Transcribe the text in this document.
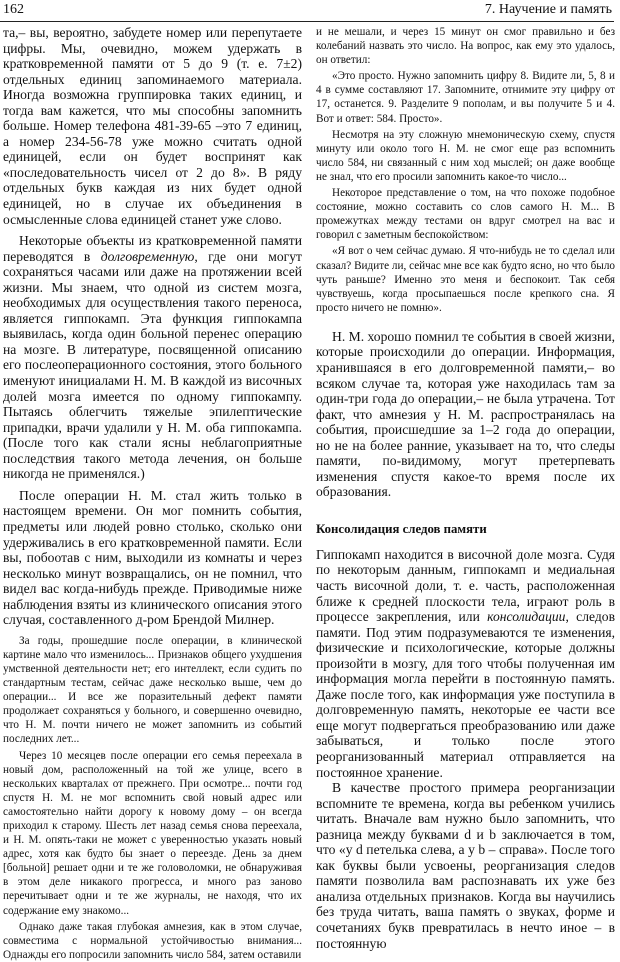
162	7. Научение и память

та,– вы, вероятно, забудете номер или перепутаете цифры. Мы, очевидно, можем удержать в кратковременной памяти от 5 до 9 (т. е. 7±2) отдельных единиц запоминаемого материала. Иногда возможна группировка таких единиц, и тогда вам кажется, что мы способны запомнить больше. Номер телефона 481-39-65 –это 7 единиц, а номер 234-56-78 уже можно считать одной единицей, если он будет воспринят как «последовательность чисел от 2 до 8». В ряду отдельных букв каждая из них будет одной единицей, но в случае их объединения в осмысленные слова единицей станет уже слово.

Некоторые объекты из кратковременной памяти переводятся в долговременную, где они могут сохраняться часами или даже на протяжении всей жизни. Мы знаем, что одной из систем мозга, необходимых для осуществления такого переноса, является гиппокамп. Эта функция гиппокампа выявилась, когда один больной перенес операцию на мозге. В литературе, посвященной описанию его послеоперационного состояния, этого больного именуют инициалами Н. М. В каждой из височных долей мозга имеется по одному гиппокампу. Пытаясь облегчить тяжелые эпилептические припадки, врачи удалили у Н. М. оба гиппокампа. (После того как стали ясны неблагоприятные последствия такого метода лечения, он больше никогда не применялся.)

После операции Н. М. стал жить только в настоящем времени. Он мог помнить события, предметы или людей ровно столько, сколько они удерживались в его кратковременной памяти. Если вы, побоотав с ним, выходили из комнаты и через несколько минут возвращались, он не помнил, что видел вас когда-нибудь прежде. Приводимые ниже наблюдения взяты из клинического описания этого случая, составленного д-ром Брендой Милнер.

За годы, прошедшие после операции, в клинической картине мало что изменилось... Признаков общего ухудшения умственной деятельности нет; его интеллект, если судить по стандартным тестам, сейчас даже несколько выше, чем до операции... И все же поразительный дефект памяти продолжает сохраняться у больного, и совершенно очевидно, что Н. М. почти ничего не может запомнить из событий последних лет...

Через 10 месяцев после операции его семья переехала в новый дом, расположенный на той же улице, всего в нескольких кварталах от прежнего. При осмотре... почти год спустя Н. М. не мог вспомнить свой новый адрес или самостоятельно найти дорогу к новому дому – он всегда приходил к старому. Шесть лет назад семья снова переехала, и Н. М. опять-таки не может с уверенностью указать новый адрес, хотя как будто бы знает о переезде. День за днем [больной] решает одни и те же головоломки, не обнаруживая в этом деле никакого прогресса, и много раз заново перечитывает одни и те же журналы, не находя, что их содержание ему знакомо...

Однако даже такая глубокая амнезия, как в этом случае, совместима с нормальной устойчивостью внимания... Однажды его попросили запомнить число 584, затем оставили

и не мешали, и через 15 минут он смог правильно и без колебаний назвать это число. На вопрос, как ему это удалось, он ответил:

«Это просто. Нужно запомнить цифру 8. Видите ли, 5, 8 и 4 в сумме составляют 17. Запомните, отнимите эту цифру от 17, останется. 9. Разделите 9 пополам, и вы получите 5 и 4. Вот и ответ: 584. Просто».

Несмотря на эту сложную мнемоническую схему, спустя минуту или около того Н. М. не смог еще раз вспомнить число 584, ни связанный с ним ход мыслей; он даже вообще не знал, что его просили запомнить какое-то число...

Некоторое представление о том, на что похоже подобное состояние, можно составить со слов самого Н. М... В промежутках между тестами он вдруг смотрел на вас и говорил с заметным беспокойством:

«Я вот о чем сейчас думаю. Я что-нибудь не то сделал или сказал? Видите ли, сейчас мне все как будто ясно, но что было чуть раньше? Именно это меня и беспокоит. Так себя чувствуешь, когда просыпаешься после крепкого сна. Я просто ничего не помню».

Н. М. хорошо помнил те события в своей жизни, которые происходили до операции. Информация, хранившаяся в его долговременной памяти,– во всяком случае та, которая уже находилась там за один-три года до операции,– не была утрачена. Тот факт, что амнезия у Н. М. распространялась на события, происшедшие за 1–2 года до операции, но не на более ранние, указывает на то, что следы памяти, по-видимому, могут претерпевать изменения спустя какое-то время после их образования.

Консолидация следов памяти

Гиппокамп находится в височной доле мозга. Судя по некоторым данным, гиппокамп и медиальная часть височной доли, т. е. часть, расположенная ближе к средней плоскости тела, играют роль в процессе закрепления, или консолидации, следов памяти. Под этим подразумеваются те изменения, физические и психологические, которые должны произойти в мозгу, для того чтобы полученная им информация могла перейти в постоянную память. Даже после того, как информация уже поступила в долговременную память, некоторые ее части все еще могут подвергаться преобразованию или даже забываться, и только после этого реорганизованный материал отправляется на постоянное хранение.

В качестве простого примера реорганизации вспомните те времена, когда вы ребенком учились читать. Вначале вам нужно было запомнить, что разница между буквами d и b заключается в том, что «у d петелька слева, а у b – справа». После того как буквы были усвоены, реорганизация следов памяти позволила вам распознавать их уже без анализа отдельных признаков. Когда вы научились без труда читать, ваша память о звуках, форме и сочетаниях букв превратилась в нечто иное – в постоянную
